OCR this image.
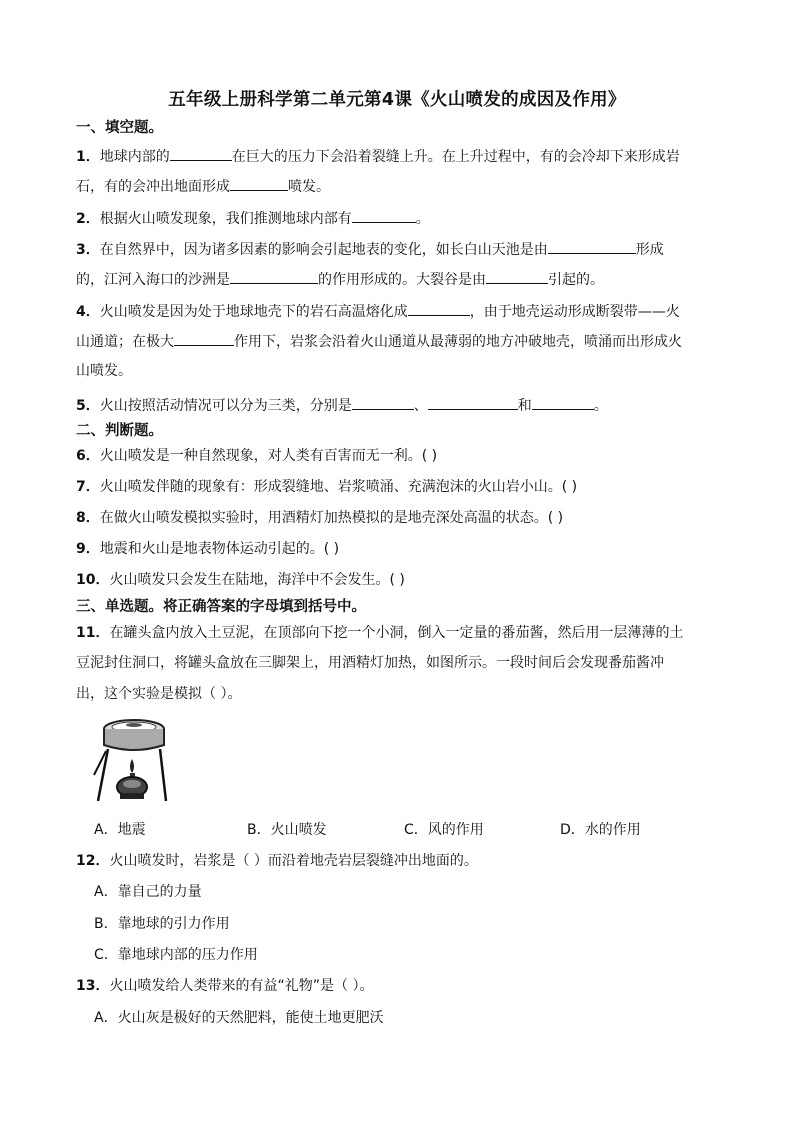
五年级上册科学第二单元第4课《火山喷发的成因及作用》
一、填空题。
1．地球内部的	在巨大的压力下会沿着裂缝上升。在上升过程中，有的会冷却下来形成岩
石，有的会冲出地面形成	喷发。
2．根据火山喷发现象，我们推测地球内部有	。
3．在自然界中，因为诸多因素的影响会引起地表的变化，如长白山天池是由	形成
的，江河入海口的沙洲是	的作用形成的。大裂谷是由	引起的。
4．火山喷发是因为处于地球地壳下的岩石高温熔化成	，由于地壳运动形成断裂带——火
山通道；在极大	作用下，岩浆会沿着火山通道从最薄弱的地方冲破地壳，喷涌而出形成火
山喷发。
5．火山按照活动情况可以分为三类，分别是	、	和	。
二、判断题。
6．火山喷发是一种自然现象，对人类有百害而无一利。( )
7．火山喷发伴随的现象有：形成裂缝地、岩浆喷涌、充满泡沫的火山岩小山。( )
8．在做火山喷发模拟实验时，用酒精灯加热模拟的是地壳深处高温的状态。( )
9．地震和火山是地表物体运动引起的。( )
10．火山喷发只会发生在陆地，海洋中不会发生。( )
三、单选题。将正确答案的字母填到括号中。
11．在罐头盒内放入土豆泥，在顶部向下挖一个小洞，倒入一定量的番茄酱，然后用一层薄薄的土
豆泥封住洞口，将罐头盒放在三脚架上，用酒精灯加热，如图所示。一段时间后会发现番茄酱冲
出，这个实验是模拟（ ）。
A．地震	B．火山喷发	C．风的作用	D．水的作用
12．火山喷发时，岩浆是（ ）而沿着地壳岩层裂缝冲出地面的。
A．靠自己的力量
B．靠地球的引力作用
C．靠地球内部的压力作用
13．火山喷发给人类带来的有益“礼物”是（ ）。
A．火山灰是极好的天然肥料，能使土地更肥沃
